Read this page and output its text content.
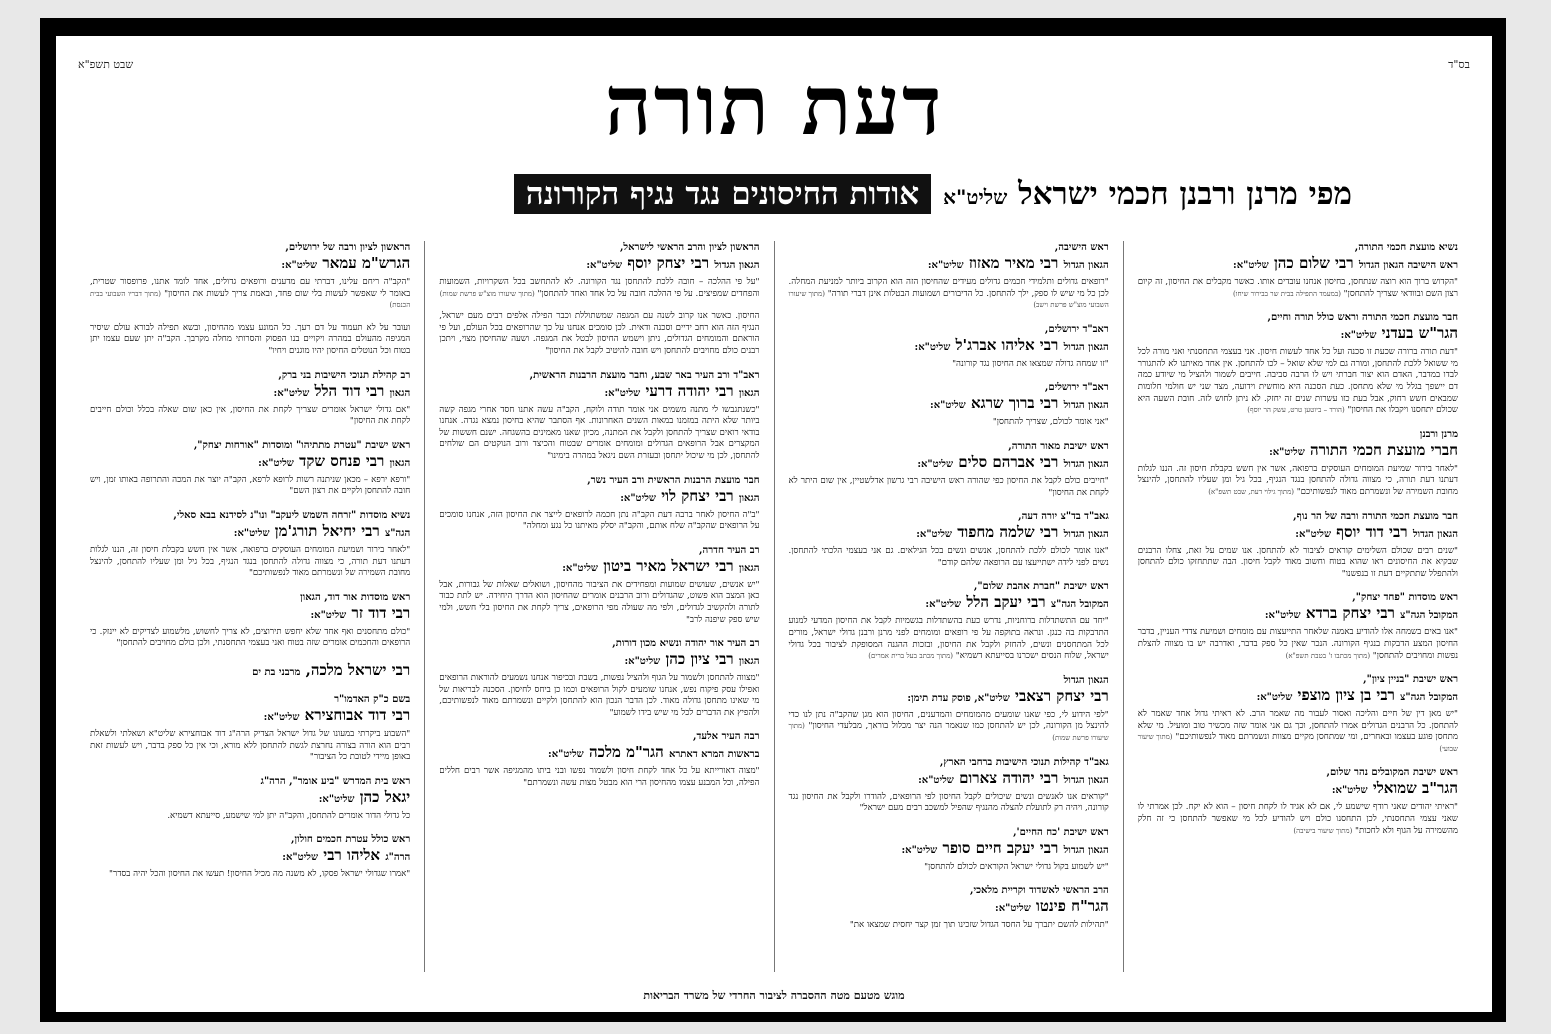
בס"ד
שבט תשפ"א	דעת תורה
מפי מרנן ורבנן חכמי ישראל שליט"א
אודות החיסונים נגד נגיף הקורונה
נשיא מועצת חכמי התורה,
ראש הישיבה הגאון הגדול רבי שלום כהן שליט"א:
"הקדוש ברוך הוא רוצה שנתחסן, בחיסון אנחנו עובדים אותו. כאשר מקבלים את החיסון, זה קיום רצון השם ובוודאי שצריך להתחסן" (במעמד התפילה בבית שר בבירור שיחו)
חבר מועצת חכמי התורה וראש כולל תורה וחיים,
הגר"ש בעדני שליט"א:
"דעת תורה ברורה שכעת זו סכנה ועל כל אחד לעשות חיסון. אני בעצמי התחסנתי ואני מורה לכל מי ששואל ללכת להתחסן, ומורה גם למי שלא שואל – לכו להתחסן. אין אחד מאיתנו לא להתגורר לבדו במדבר, האדם הוא יצור חברתי ויש לו הרבה סביבה. חייבים לשמור ולהציל מי שיודע כמה דם יישפך בגלל מי שלא מתחסן. כעת הסכנה היא מוחשית וידועה, מצד שני יש חולמי חלומות שמבאים חשש רחוק, אבל בעת כזו עשרות שנים זה יחזק. לא ניתן לחוש לזה. חובת השעה היא שכולם יתחסנו ויקבלו את החיסון" (הורד – ביוטען טרט, עשק הר יוסף)
מרנן ורבנן
חברי מועצת חכמי התורה שליט"א:
"לאחר בירור שמיעת המומחים העוסקים ברפואה, אשר אין חשש בקבלת חיסון זה. הננו לגלות דעתנו דעת תורה, כי מצווה גדולה להתחסן בנגד הנגיף, בכל גיל ומן שעליו להתחסן, להינצל מחובת השמירה של ונשמרתם מאוד לנפשותיכם" (מתוך גילוי דעת, שבט תשפ"א)
חבר מועצת חכמי התורה ורבה של הר נוף,
הגאון הגדול רבי דוד יוסף שליט"א:
"שנים רבים שכולם השלימים קוראים לציבור לא להתחסן. אנו שמים על זאת, צחלו הרבנים שבקיא את החיסונים ראו שהוא בטוח וחשוב מאוד לקבל חיסון. הבה שתתחזקו כולם להתחסן ולהתפלל שתתקיים דעת זו בנפשנו"
ראש מוסדות "פחד יצחק",
המקובל הגה"צ רבי יצחק ברדא שליט"א:
"אנו באים בשמחה אלו להודיע באמנה שלאחר התייעצות עם מומחים ושמיעת צדדי העניין, בדבר החיסון המצע הדבקות בנגיף הקורונה. הנכר שאין כל ספק בדבר, ואדרבה יש בו מצווה להצלת נפשות ומחויבים להתחסן" (מתוך מכתבו ז' בטבת תשפ"א)
ראש ישיבת "בניין ציון",
המקובל הגה"צ רבי בן ציון מוצפי שליט"א:
"יש מאן דין של חיים והליכה ואסור לעבור מה שאמר הרב. לא ראיתי גדול אחד שאמר לא להתחסן. כל הרבנים הגדולים אמרו להתחסן, וכך גם אני אומר שזה מכשיר טוב ומועיל. מי שלא מתחסן פוגע בעצמו ובאחרים, ומי שמתחסן מקיים מצוות ונשמרתם מאוד לנפשותיכם" (מתוך שיעור שבועי)
ראש ישיבת המקובלים נהר שלום,
הגר"ב שמואלי שליט"א:
"ראיתי יהודים שאני רודף שישמע לי, אם לא אגיד לו לקחת חיסון – הוא לא יקח. לכן אמרתי לו שאני עצמי התחסנתי, לכן התחסנו כולם ויש להודיע לכל מי שאפשר להתחסן כי זה חלק מהשמירה על הגוף ולא לחכות" (מתוך שיעור בישיבה)
ראש הישיבה,
הגאון הגדול רבי מאיר מאזוז שליט"א:
"רופאים גדולים ותלמידי חכמים גדולים מעידים שהחיסון הזה הוא הקרוב ביותר למניעת המחלה. לכן כל מי שיש לו ספק, ילך להתחסן. כל הדיבורים ושמועות הבטלות אינן דברי תורה" (מתוך שיעורו השבועי מוצ"ש פרשת וישב)
ראב"ד ירושלים,
הגאון הגדול רבי אליהו אברג'ל שליט"א:
"זו שמחה גדולה שמצאו את החיסון נגד קורונה"
ראב"ד ירושלים,
הגאון הגדול רבי ברוך שרגא שליט"א:
"אני אומר לכולם, שצריך להתחסן"
ראש ישיבת מאור התורה,
הגאון הגדול רבי אברהם סלים שליט"א:
"חייבים כולם לקבל את החיסון כפי שהורה ראש הישיבה רבי גרשון אדלשטיין, אין שום היתר לא לקחת את החיסון"
גאב"ד בד"צ יורה דעה,
הגאון הגדול רבי שלמה מחפוד שליט"א:
"אנו אומר לכולם ללכת להתחסן, אנשים ונשים בכל הגילאים. גם אני בעצמי הלכתי להתחסן. נשים לפני לידה ישתייעצו עם הרופאה שלהם קודם"
ראש ישיבת "חברת אהבת שלום",
המקובל הגה"צ רבי יעקב הלל שליט"א:
"יחד עם התשתדלות ברוחניות, נדרש כעת בהשתדלות בגשמיות לקבל את החיסון המדעי למנוע התדבקות בה כנגן. ונראה בתוקפה על פי רופאים ומומחים לפני מרנן ורבנן גדולי ישראל, מורים לכל המתחסנים ונשים, להחזק ולקבל את החיסון, ובזכות ההגנה המסופקת לציבור בכל גדולי ישראל, שלוח הנסים ישכרנו בסייעתא דשמיא" (מתוך מכתב בעל ברית אמרים)
הגאון הגדול
רבי יצחק רצאבי שליט"א, פוסק עדת תימן:
"לפי הידוע לי, כפי שאנו שומעים מהמומחים והמדענים, החיסון הוא מגן שהקב"ה נתן לנו כדי להינצל מן הקורונה, לכן יש להתחסן כמו שנאמר הנה יצר מכלול בוראך, מבלעדי החיסון" (מתוך שיעורו פרשת שמות)
גאב"ד קהילות תנוכי הישיבות ברחבי הארץ,
הגאון הגדול רבי יהודה צארום שליט"א:
"קוראים אנו לאנשים ונשים שיכולים לקבל החיסון לפי הרופאים, להודרו ולקבל את החיסון נגד קורונה, ויהיה רק לתועלת להצלה מהנגיף שהפיל למשכב רבים מעם ישראל"
ראש ישיבת 'כח החיים',
הגאון הגדול רבי יעקב חיים סופר שליט"א:
"יש לשמוע בקול גדולי ישראל הקוראים לכולם להתחסן"
הרב הראשי לאשדוד וקריית מלאכי,
הגר"ח פינטו שליט"א:
"תהילות להשם יתברך על החסד הגדול שזכינו תוך זמן קצר יחסית שמצאו את"
הראשון לציון והרב הראשי לישראל,
הגאון הגדול רבי יצחק יוסף שליט"א:
"על פי ההלכה – חובה ללכת להתחסן נגד הקורונה. לא להתחשב בכל השקרויות, השמועות והפחדים שמפיצים. על פי ההלכה חובה על כל אחד ואחד להתחסן" (מתוך שיעורו מוצ"ש פרשת שמות)
החיסון. כאשר אנו קרוב לשנה עם המגפה שמשתוללת וכבר הפילה אלפים רבים מעם ישראל, הנגיף הזה הוא רחב ידיים וסכנה ודאית. לכן סומכים אנחנו על כך שהרופאים בכל העולם, ועל פי הוראתם והמומחים הגדולים, ניתן וישמש החיסון לבטל את המגפה. ושעה שהחיסון מצוי, ויתכן רבנים כולם מחויבים להתחסן ויש חובה להיטיב לקבל את החיסון"
ראב"ד ורב העיר באר שבע, וחבר מועצת הרבנות הראשית,
הגאון רבי יהודה דרעי שליט"א:
"כשנתגבשו לי מתנה משמים אני אומר תודה ולוקח, הקב"ה עשה אתנו חסד אחרי מגפה קשה ביותר שלא היתה במזמנו במאות השנים האחרונות. אף הסתבר שהיא בחיסון נמצא נגדה. אנחנו בודאי רואים שצריך להתחסן ולקבל את המתנה, מכיון שאנו מאמינים בהשגחה. ישנם חששות של המקצרים אבל הרופאים הגדולים ומומחים אומרים שבטוח והכיצד ורוב הנוקטים הם שולחים להתחסן, לכן מי שיכול יתחסן ובעזרת השם ניגאל במהרה בימינו"
חבר מועצת הרבנות הראשית ורב העיר נשר,
הגאון רבי יצחק לוי שליט"א:
"ב"ה החיסון לאחר ברבה דעת הקב"ה נתן חכמה לרופאים לייצר את החיסון הזה, אנחנו סומכים על הרופאים שהקב"ה שלח אותם, והקב"ה יסלק מאיתנו כל נגע ומחלה"
רב העיר חדרה,
הגאון רבי ישראל מאיר ביטון שליט"א:
"יש אנשים, שעושים שמועות ומפחידים את הציבור מהחיסון, ושואלים שאלות של גבורות, אבל כאן המצב הוא פשוט, שהגדולים ורוב הרבנים אומרים שהחיסון הוא הדרך היחידה. יש לתת כבוד לתורה ולהקשיב לגדולים, ולפי מה שעולה מפי הרופאים, צריך לקחת את החיסון בלי חשש, ולמי שיש ספק שיפנה לרב"
רב העיר אור יהודה ונשיא מכון דורות,
הגאון רבי ציון כהן שליט"א:
"מצווה להתחסן ולשמור על הגוף ולהציל נפשות, בשבת ובכיפור אנחנו נשמעים להוראות הרופאים ואפילו עסק פיקוח נפש, אנחנו שומעים לקול הרופאים וכמו כן ביחס לחיסון. הסכנה לבריאות של מי שאינו מתחסן גדולה מאוד. לכן הדבר הנכון הוא להתחסן ולקיים ונשמרתם מאוד לנפשותיכם, ולהפיץ את הדברים לכל מי שיש בידו לשמוע"
רבה העיר אלעד,
בראשות המרא דאתרא הגר"מ מלכה שליט"א:
"מצוה דאורייתא על כל אחד לקחת חיסון ולשמור נפשו ובני ביתו מהמגיפה אשר רבים חללים הפילה, וכל המבנע עצמו מהחיסון הרי הוא מבטל מצות עשה ונשמרתם"
הראשון לציון ורבה של ירושלים,
הגרש"מ עמאר שליט"א:
"הקב"ה ריחם עלינו, דברתי עם מדענים ורופאים גדולים, אחד לומד אתנו, פרופסור שטרית, באומר לי שאפשר לעשות בלי שום פחד, ובאמת צריך לעשות את החיסון" (מתוך דבריו השבועי בבית הכנסת)
ועובר על לא תעמוד על דם רעך. כל המונע עצמו מהחיסון, ובשא תפילה לבורא עולם שיסיר המגיפה מהעולם במהרה ויקויים בנו הפסוק והסרותי מחלה מקרבך. הקב"ה יתן שעם עצמו יתן בטוח וכל הנוטלים החיסון יהיו מוגנים ויחיו"
רב קהילת תנוכי הישיבות בני ברק,
הגאון רבי דוד הלל שליט"א:
"אם גדולי ישראל אומרים שצריך לקחת את החיסון, אין כאן שום שאלה בכלל וכולם חייבים לקחת את החיסון"
ראש ישיבת "עטרת מתתיהו" ומוסדות "אורחות יצחק",
הגאון רבי פנחס שקד שליט"א:
"ורפא ירפא – מכאן שניתנה רשות לרופא לרפא, הקב"ה יוצר את המכה והתרופה באותו זמן, ויש חובה להתחסן ולקיים את רצון השם"
נשיא מוסדות "זרחה השמש ליעקב" ונו"נ לסידנא בבא סאלי,
הגה"צ רבי יחיאל תורג'מן שליט"א:
"לאחר בירור ושמיעת המומחים העוסקים ברפואה, אשר אין חשש בקבלת חיסון זה, הננו לגלות דעתנו דעת תורה, כי מצווה גדולה להתחסן בנגד הנגיף, בכל גיל ומן שעליו להתחסן, להינצל מחובת השמירה של ונשמרתם מאוד לנפשותיכם"
ראש מוסדות אור דוד, הגאון
רבי דוד זר שליט"א:
"כולם מתחסנים ואף אחד שלא יחפש תירוצים, לא צריך לחשוש, מלשמוע לצדיקים לא יינזק. כי הרופאים והחכמים אומרים שזה בטוח ואני בעצמי התחסנתי, ולכן כולם מחויבים להתחסן"
רבי ישראל מלכה, מרבני בת ים
בשם כ"ק האדמו"ר
רבי דוד אבוחצירא שליט"א:
"השבוע ביקרתי במעונו של גדול ישראל הצדיק הרה"ג דוד אבוחצירא שליט"א ושאלתי ולשאלת רבים הוא הורה בצורה נחרצת לגשת להתחסן ללא מורא, וכי אין כל ספק בדבר, ויש לעשות זאת באופן מיידי לטובת כל הציבור"
ראש בית המדרש "ביע אומר", הרה"ג
יגאל כהן שליט"א:
כל גדולי הדור אומרים להתחסן, והקב"ה יתן למי שישמע, סייעתא דשמיא.
ראש כולל עטרת חכמים חולון,
הרה"ג אליהו רבי שליט"א:
"אמרו שגדולי ישראל פסקו, לא משנה מה מכיל החיסון! תעשו את החיסון והכל יהיה בסדר"
מוגש מטעם מטה ההסברה לציבור החרדי של משרד הבריאות
